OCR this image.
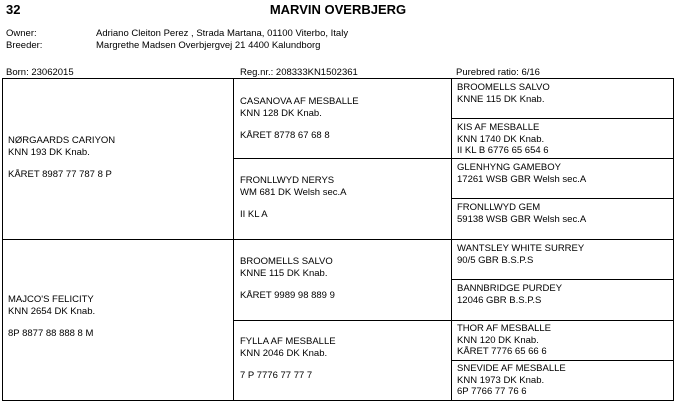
32	MARVIN OVERBJERG
Owner:	Adriano Cleiton Perez , Strada Martana, 01100 Viterbo, Italy
Breeder:	Margrethe Madsen Overbjergvej 21 4400 Kalundborg
Born: 23062015	Reg.nr.: 208333KN1502361	Purebred ratio: 6/16
NØRGAARDS CARIYON
KNN 193 DK Knab.
KÅRET 8987 77 787 8 P
MAJCO'S FELICITY
KNN 2654 DK Knab.
8P 8877 88 888 8 M
CASANOVA AF MESBALLE
KNN 128 DK Knab.
KÅRET 8778 67 68 8
FRONLLWYD NERYS
WM 681 DK Welsh sec.A
II KL A
BROOMELLS SALVO
KNNE 115 DK Knab.
KÅRET 9989 98 889 9
FYLLA AF MESBALLE
KNN 2046 DK Knab.
7 P 7776 77 77 7
BROOMELLS SALVO
KNNE 115 DK Knab.
KIS AF MESBALLE
KNN 1740 DK Knab.
II KL B 6776 65 654 6
GLENHYNG GAMEBOY
17261 WSB GBR Welsh sec.A
FRONLLWYD GEM
59138 WSB GBR Welsh sec.A
WANTSLEY WHITE SURREY
90/5 GBR B.S.P.S
BANNBRIDGE PURDEY
12046 GBR B.S.P.S
THOR AF MESBALLE
KNN 120 DK Knab.
KÅRET 7776 65 66 6
SNEVIDE AF MESBALLE
KNN 1973 DK Knab.
6P 7766 77 76 6
